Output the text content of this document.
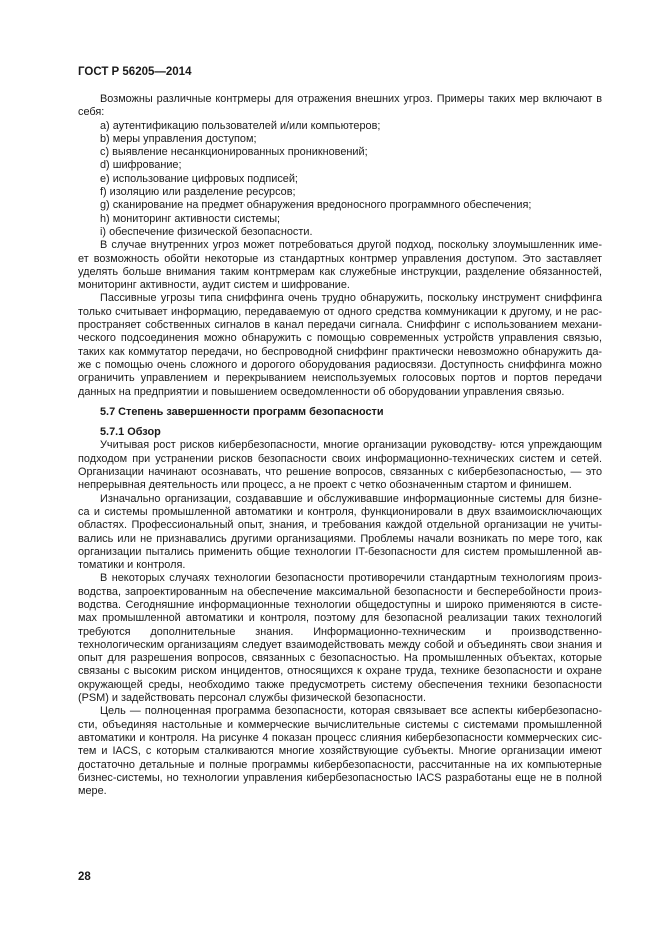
ГОСТ Р 56205—2014
Возможны различные контрмеры для отражения внешних угроз. Примеры таких мер включают в
себя:
a) аутентификацию пользователей и/или компьютеров;
b) меры управления доступом;
c) выявление несанкционированных проникновений;
d) шифрование;
e) использование цифровых подписей;
f) изоляцию или разделение ресурсов;
g) сканирование на предмет обнаружения вредоносного программного обеспечения;
h) мониторинг активности системы;
i) обеспечение физической безопасности.
В случае внутренних угроз может потребоваться другой подход, поскольку злоумышленник име-
ет возможность обойти некоторые из стандартных контрмер управления доступом. Это заставляет
уделять больше внимания таким контрмерам как служебные инструкции, разделение обязанностей,
мониторинг активности, аудит систем и шифрование.
Пассивные угрозы типа сниффинга очень трудно обнаружить, поскольку инструмент сниффинга
только считывает информацию, передаваемую от одного средства коммуникации к другому, и не рас-
пространяет собственных сигналов в канал передачи сигнала. Сниффинг с использованием механи-
ческого подсоединения можно обнаружить с помощью современных устройств управления связью,
таких как коммутатор передачи, но беспроводной сниффинг практически невозможно обнаружить да-
же с помощью очень сложного и дорогого оборудования радиосвязи. Доступность сниффинга можно
ограничить управлением и перекрыванием неиспользуемых голосовых портов и портов передачи
данных на предприятии и повышением осведомленности об оборудовании управления связью.
5.7 Степень завершенности программ безопасности
5.7.1 Обзор
Учитывая рост рисков кибербезопасности, многие организации руководству- ются упреждающим
подходом при устранении рисков безопасности своих информационно-технических систем и сетей.
Организации начинают осознавать, что решение вопросов, связанных с кибербезопасностью, — это
непрерывная деятельность или процесс, а не проект с четко обозначенным стартом и финишем.
Изначально организации, создававшие и обслуживавшие информационные системы для бизне-
са и системы промышленной автоматики и контроля, функционировали в двух взаимоисключающих
областях. Профессиональный опыт, знания, и требования каждой отдельной организации не учиты-
вались или не признавались другими организациями. Проблемы начали возникать по мере того, как
организации пытались применить общие технологии IT-безопасности для систем промышленной ав-
томатики и контроля.
В некоторых случаях технологии безопасности противоречили стандартным технологиям произ-
водства, запроектированным на обеспечение максимальной безопасности и бесперебойности произ-
водства. Сегодняшние информационные технологии общедоступны и широко применяются в систе-
мах промышленной автоматики и контроля, поэтому для безопасной реализации таких технологий
требуются дополнительные знания. Информационно-техническим и производственно-
технологическим организациям следует взаимодействовать между собой и объединять свои знания и
опыт для разрешения вопросов, связанных с безопасностью. На промышленных объектах, которые
связаны с высоким риском инцидентов, относящихся к охране труда, технике безопасности и охране
окружающей среды, необходимо также предусмотреть систему обеспечения техники безопасности
(PSM) и задействовать персонал службы физической безопасности.
Цель — полноценная программа безопасности, которая связывает все аспекты кибербезопасно-
сти, объединяя настольные и коммерческие вычислительные системы с системами промышленной
автоматики и контроля. На рисунке 4 показан процесс слияния кибербезопасности коммерческих сис-
тем и IACS, с которым сталкиваются многие хозяйствующие субъекты. Многие организации имеют
достаточно детальные и полные программы кибербезопасности, рассчитанные на их компьютерные
бизнес-системы, но технологии управления кибербезопасностью IACS разработаны еще не в полной
мере.
28
